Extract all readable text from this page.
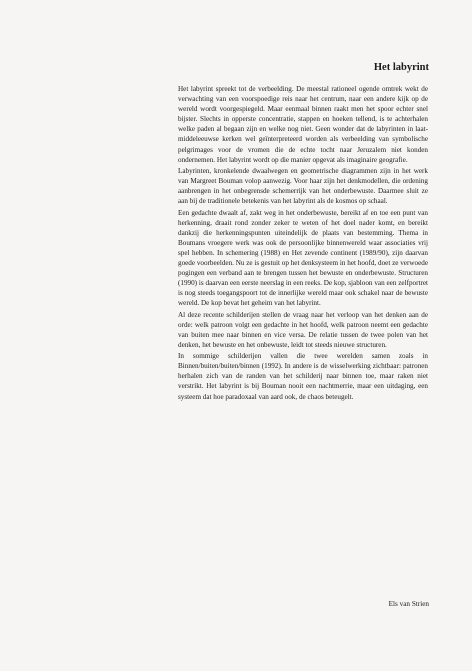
Het labyrint

Het labyrint spreekt tot de verbeelding. De meestal rationeel ogende omtrek wekt de verwachting van een voorspoedige reis naar het centrum, naar een andere kijk op de wereld wordt voorgespiegeld. Maar eenmaal binnen raakt men het spoor echter snel bijster. Slechts in opperste concentratie, stappen en hoeken tellend, is te achterhalen welke paden al begaan zijn en welke nog niet. Geen wonder dat de labyrinten in laat-middeleeuwse kerken wel geïnterpreteerd worden als verbeelding van symbolische pelgrimages voor de vromen die de echte tocht naar Jeruzalem niet konden ondernemen. Het labyrint wordt op die manier opgevat als imaginaire geografie.

Labyrinten, kronkelende dwaalwegen en geometrische diagrammen zijn in het werk van Margreet Bouman volop aanwezig. Voor haar zijn het denkmodellen, die ordening aanbrengen in het onbegrensde schemerrijk van het onderbewuste. Daarmee sluit ze aan bij de traditionele betekenis van het labyrint als de kosmos op schaal.

Een gedachte dwaalt af, zakt weg in het onderbewuste, bereikt af en toe een punt van herkenning, draait rond zonder zeker te weten of het doel nader komt, en bereikt dankzij die herkenningspunten uiteindelijk de plaats van bestemming. Thema in Boumans vroegere werk was ook de persoonlijke binnenwereld waar associaties vrij spel hebben. In schemering (1988) en Het zevende continent (1989/90), zijn daarvan goede voorbeelden. Nu ze is gestuit op het denksysteem in het hoofd, doet ze verwoede pogingen een verband aan te brengen tussen het bewuste en onderbewuste. Structuren (1990) is daarvan een eerste neerslag in een reeks. De kop, sjabloon van een zelfportret is nog steeds toegangspoort tot de innerlijke wereld maar ook schakel naar de bewuste wereld. De kop bevat het geheim van het labyrint.

Al deze recente schilderijen stellen de vraag naar het verloop van het denken aan de orde: welk patroon volgt een gedachte in het hoofd, welk patroon neemt een gedachte van buiten mee naar binnen en vice versa. De relatie tussen de twee polen van het denken, het bewuste en het onbewuste, leidt tot steeds nieuwe structuren.

In sommige schilderijen vallen die twee werelden samen zoals in Binnen/buiten/buiten/binnen (1992). In andere is de wisselwerking zichtbaar: patronen herhalen zich van de randen van het schilderij naar binnen toe, maar raken niet verstrikt. Het labyrint is bij Bouman nooit een nachtmerrie, maar een uitdaging, een systeem dat hoe paradoxaal van aard ook, de chaos beteugelt.

Els van Strien
